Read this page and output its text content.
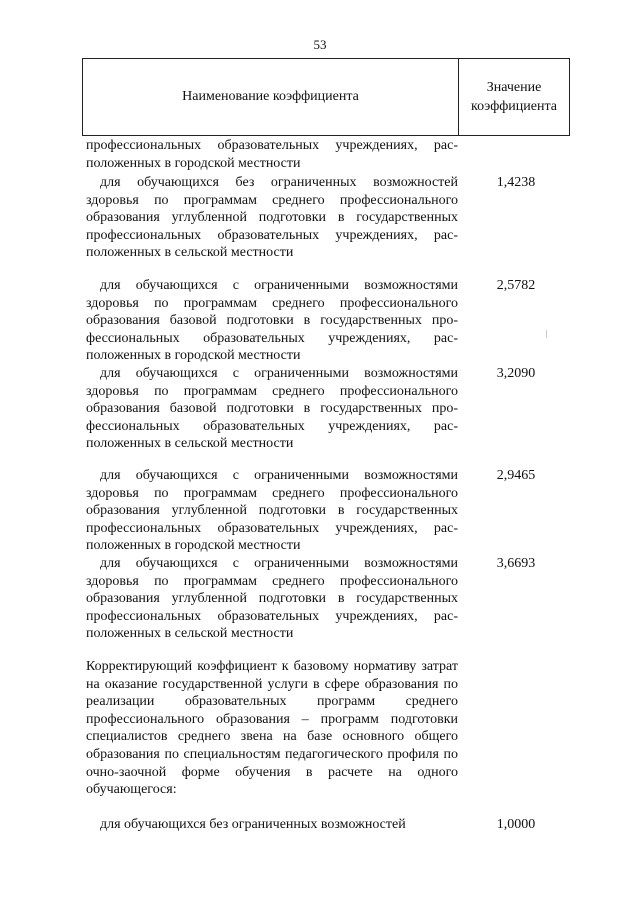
53
Наименование коэффициента
Значение коэффициента
профессиональных образовательных учреждениях, расположенных в городской местности
для обучающихся без ограниченных возможностей здоровья по программам среднего профессионального образования углубленной подготовки в государственных профессиональных образовательных учреждениях, расположенных в сельской местности
1,4238
для обучающихся с ограниченными возможностями здоровья по программам среднего профессионального образования базовой подготовки в государственных профессиональных образовательных учреждениях, расположенных в городской местности
2,5782
для обучающихся с ограниченными возможностями здоровья по программам среднего профессионального образования базовой подготовки в государственных профессиональных образовательных учреждениях, расположенных в сельской местности
3,2090
для обучающихся с ограниченными возможностями здоровья по программам среднего профессионального образования углубленной подготовки в государственных профессиональных образовательных учреждениях, расположенных в городской местности
2,9465
для обучающихся с ограниченными возможностями здоровья по программам среднего профессионального образования углубленной подготовки в государственных профессиональных образовательных учреждениях, расположенных в сельской местности
3,6693
Корректирующий коэффициент к базовому нормативу затрат на оказание государственной услуги в сфере образования по реализации образовательных программ среднего профессионального образования – программ подготовки специалистов среднего звена на базе основного общего образования по специальностям педагогического профиля по очно-заочной форме обучения в расчете на одного обучающегося:
для обучающихся без ограниченных возможностей	1,0000
